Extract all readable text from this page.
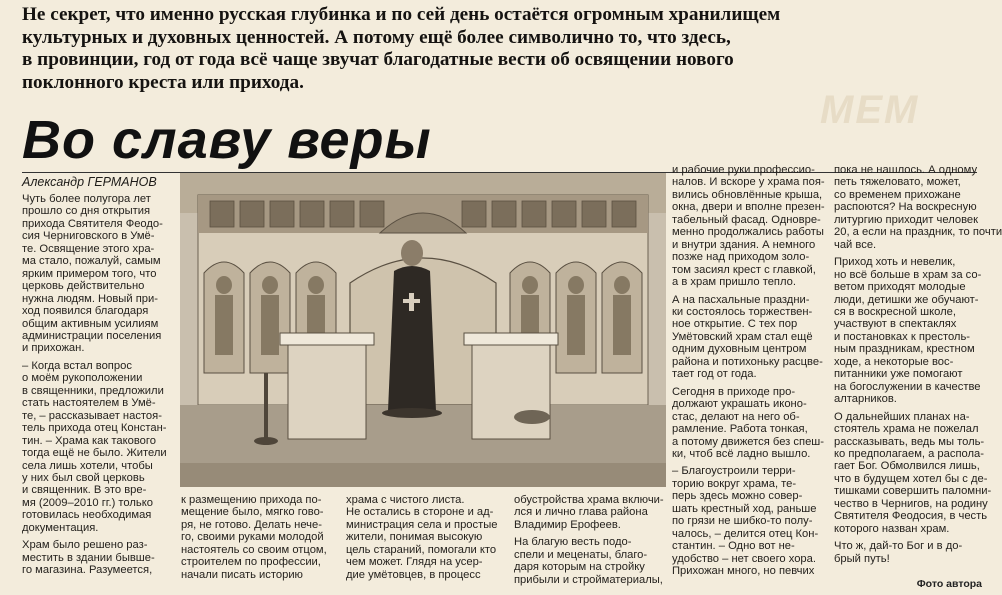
МЕМ
Не секрет, что именно русская глубинка и по сей день остаётся огромным хранилищем
культурных и духовных ценностей. А потому ещё более символично то, что здесь,
в провинции, год от года всё чаще звучат благодатные вести об освящении нового
поклонного креста или прихода.
Во славу веры
Александр ГЕРМАНОВ
Чуть более полугора лет
прошло со дня открытия
прихода Святителя Феодо-
сия Черниговского в Умё-
те. Освящение этого хра-
ма стало, пожалуй, самым
ярким примером того, что
церковь действительно
нужна людям. Новый при-
ход появился благодаря
общим активным усилиям
администрации поселения
и прихожан.
– Когда встал вопрос
о моём рукоположении
в священники, предложили
стать настоятелем в Умё-
те, – рассказывает настоя-
тель прихода отец Констан-
тин. – Храма как такового
тогда ещё не было. Жители
села лишь хотели, чтобы
у них был свой церковь
и священник. В это вре-
мя (2009–2010 гг.) только
готовилась необходимая
документация.
Храм было решено раз-
местить в здании бывше-
го магазина. Разумеется,
к размещению прихода по-
мещение было, мягко гово-
ря, не готово. Делать нече-
го, своими руками молодой
настоятель со своим отцом,
строителем по профессии,
начали писать историю
храма с чистого листа.
Не остались в стороне и ад-
министрация села и простые
жители, понимая высокую
цель стараний, помогали кто
чем может. Глядя на усер-
дие умётовцев, в процесс
обустройства храма включи-
лся и лично глава района
Владимир Ерофеев.
На благую весть подо-
спели и меценаты, благо-
даря которым на стройку
прибыли и стройматериалы,
и рабочие руки профессио-
налов. И вскоре у храма поя-
вились обновлённые крыша,
окна, двери и вполне презен-
табельный фасад. Одновре-
менно продолжались работы
и внутри здания. А немного
позже над приходом золо-
том засиял крест с главкой,
а в храм пришло тепло.
А на пасхальные праздни-
ки состоялось торжествен-
ное открытие. С тех пор
Умётовский храм стал ещё
одним духовным центром
района и потихоньку расцве-
тает год от года.
Сегодня в приходе про-
должают украшать иконо-
стас, делают на него об-
рамление. Работа тонкая,
а потому движется без спеш-
ки, чтоб всё ладно вышло.
– Благоустроили терри-
торию вокруг храма, те-
перь здесь можно совер-
шать крестный ход, раньше
по грязи не шибко-то полу-
чалось, – делится отец Кон-
стантин. – Одно вот не-
удобство – нет своего хора.
Прихожан много, но певчих
пока не нашлось. А одному
петь тяжеловато, может,
со временем прихожане
распоются? На воскресную
литургию приходит человек
20, а если на праздник, то почти
чай все.
Приход хоть и невелик,
но всё больше в храм за со-
ветом приходят молодые
люди, детишки же обучают-
ся в воскресной школе,
участвуют в спектаклях
и постановках к престоль-
ным праздникам, крестном
ходе, а некоторые вос-
питанники уже помогают
на богослужении в качестве
алтарников.
О дальнейших планах на-
стоятель храма не пожелал
рассказывать, ведь мы толь-
ко предполагаем, а распола-
гает Бог. Обмолвился лишь,
что в будущем хотел бы с де-
тишками совершить паломни-
чество в Чернигов, на родину
Святителя Феодосия, в честь
которого назван храм.
Что ж, дай-то Бог и в до-
брый путь!
Фото автора
